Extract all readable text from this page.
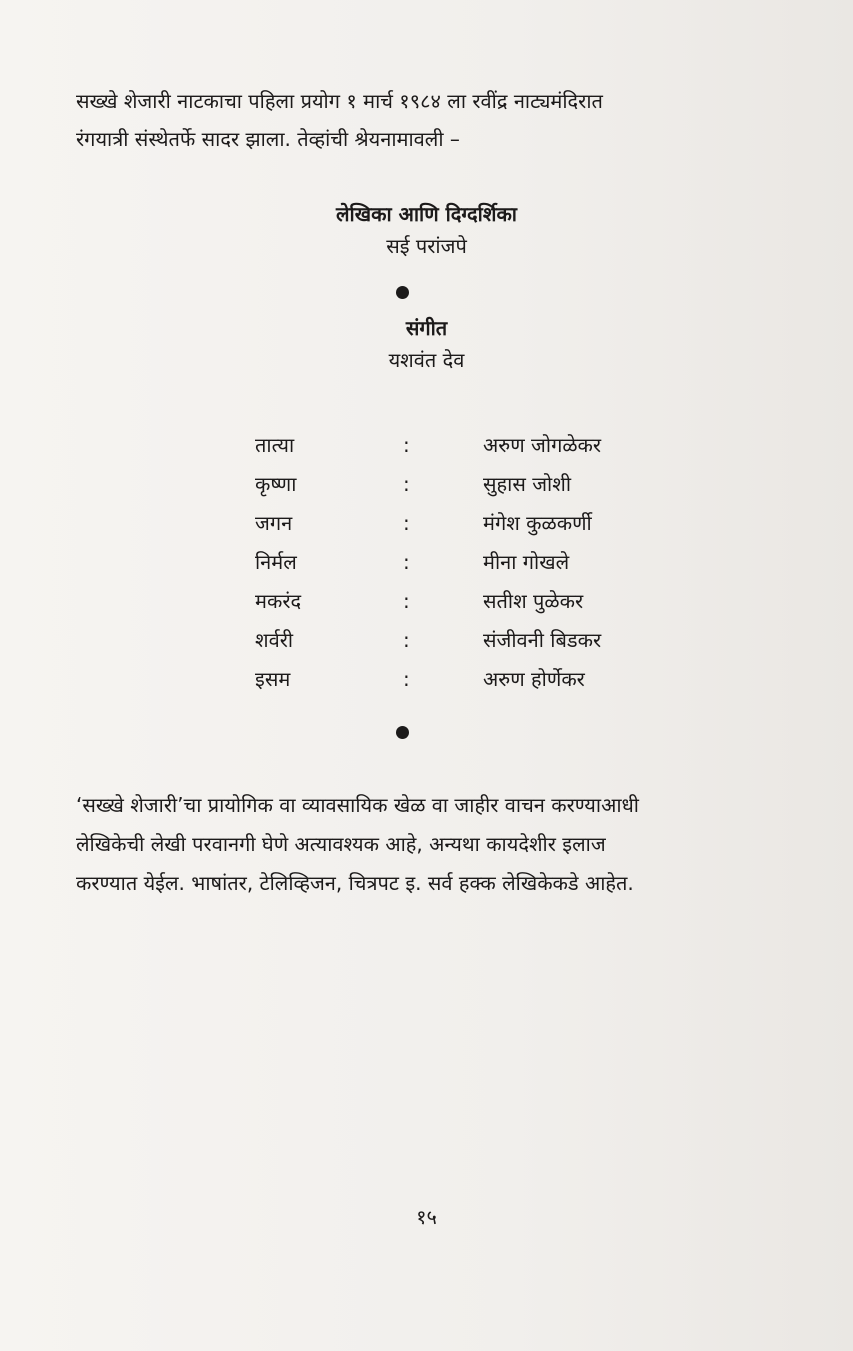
सख्खे शेजारी नाटकाचा पहिला प्रयोग १ मार्च १९८४ ला रवींद्र नाट्यमंदिरात

रंगयात्री संस्थेतर्फे सादर झाला. तेव्हांची श्रेयनामावली –

लेखिका आणि दिग्दर्शिका
सई परांजपे
संगीत
यशवंत देव
तात्या	:	अरुण जोगळेकर
कृष्णा	:	सुहास जोशी
जगन	:	मंगेश कुळकर्णी
निर्मल	:	मीना गोखले
मकरंद	:	सतीश पुळेकर
शर्वरी	:	संजीवनी बिडकर
इसम	:	अरुण होर्णेकर

‘सख्खे शेजारी’चा प्रायोगिक वा व्यावसायिक खेळ वा जाहीर वाचन करण्याआधी

लेखिकेची लेखी परवानगी घेणे अत्यावश्यक आहे, अन्यथा कायदेशीर इलाज

करण्यात येईल. भाषांतर, टेलिव्हिजन, चित्रपट इ. सर्व हक्क लेखिकेकडे आहेत.

१५
